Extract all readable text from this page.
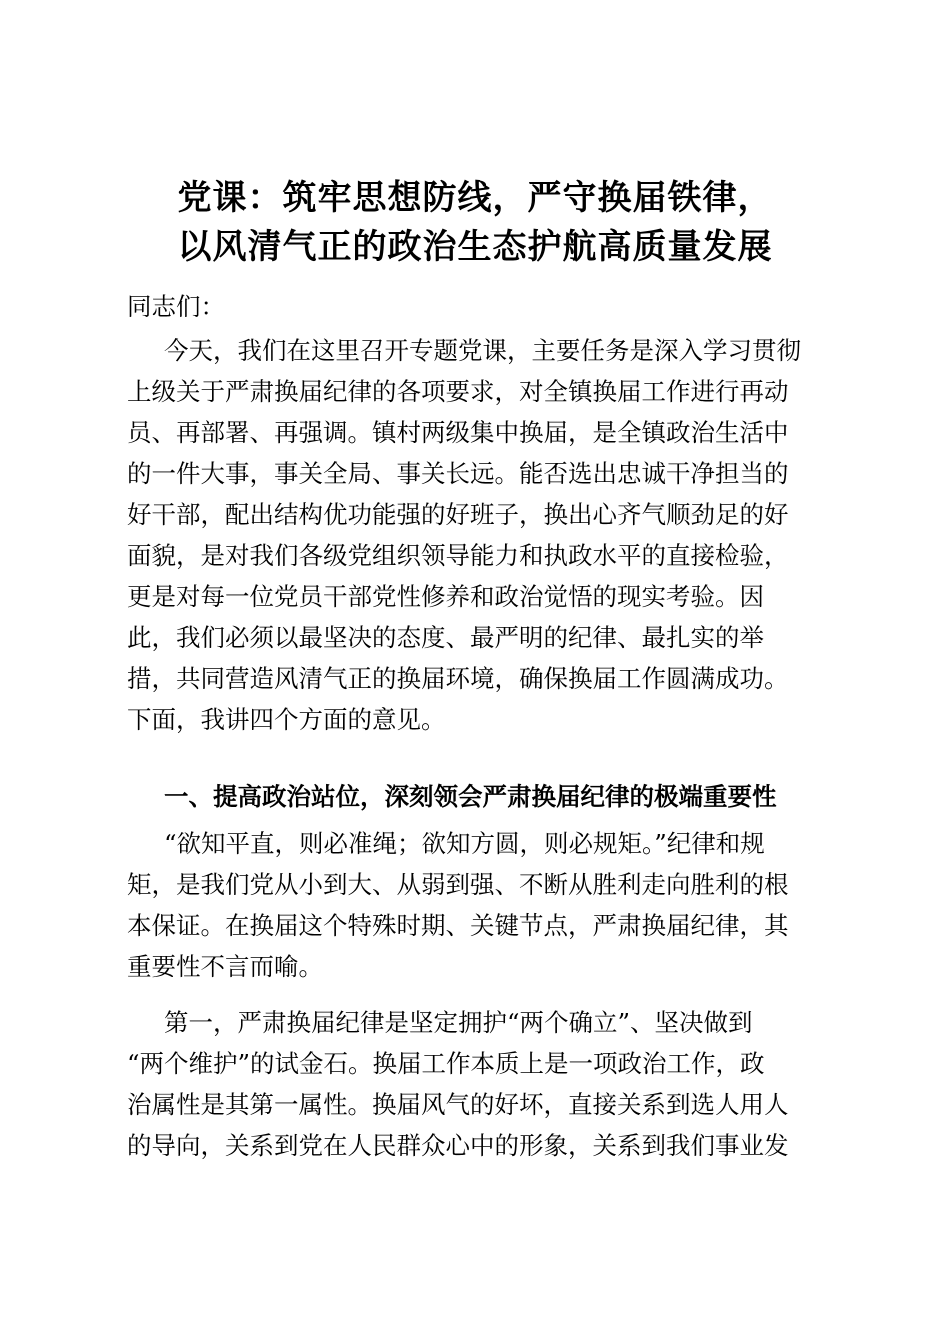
党课：筑牢思想防线，严守换届铁律，
以风清气正的政治生态护航高质量发展
同志们：
今天，我们在这里召开专题党课，主要任务是深入学习贯彻
上级关于严肃换届纪律的各项要求，对全镇换届工作进行再动
员、再部署、再强调。镇村两级集中换届，是全镇政治生活中
的一件大事，事关全局、事关长远。能否选出忠诚干净担当的
好干部，配出结构优功能强的好班子，换出心齐气顺劲足的好
面貌，是对我们各级党组织领导能力和执政水平的直接检验，
更是对每一位党员干部党性修养和政治觉悟的现实考验。因
此，我们必须以最坚决的态度、最严明的纪律、最扎实的举
措，共同营造风清气正的换届环境，确保换届工作圆满成功。
下面，我讲四个方面的意见。
一、提高政治站位，深刻领会严肃换届纪律的极端重要性
“欲知平直，则必准绳；欲知方圆，则必规矩。”纪律和规
矩，是我们党从小到大、从弱到强、不断从胜利走向胜利的根
本保证。在换届这个特殊时期、关键节点，严肃换届纪律，其
重要性不言而喻。
第一，严肃换届纪律是坚定拥护“两个确立”、坚决做到
“两个维护”的试金石。换届工作本质上是一项政治工作，政
治属性是其第一属性。换届风气的好坏，直接关系到选人用人
的导向，关系到党在人民群众心中的形象，关系到我们事业发
